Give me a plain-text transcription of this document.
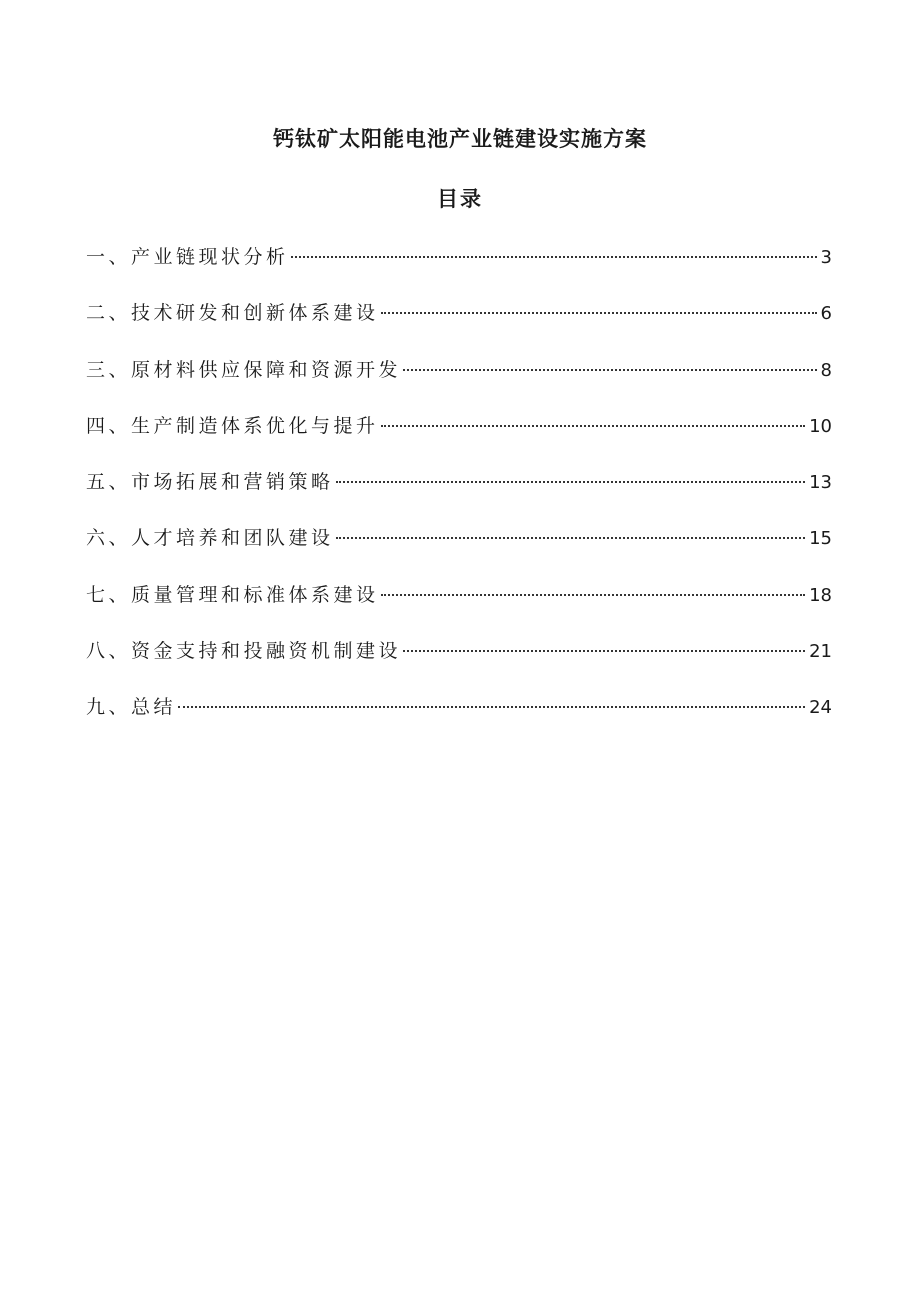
钙钛矿太阳能电池产业链建设实施方案
目录
一、产业链现状分析	3
二、技术研发和创新体系建设	6
三、原材料供应保障和资源开发	8
四、生产制造体系优化与提升	10
五、市场拓展和营销策略	13
六、人才培养和团队建设	15
七、质量管理和标准体系建设	18
八、资金支持和投融资机制建设	21
九、总结	24
